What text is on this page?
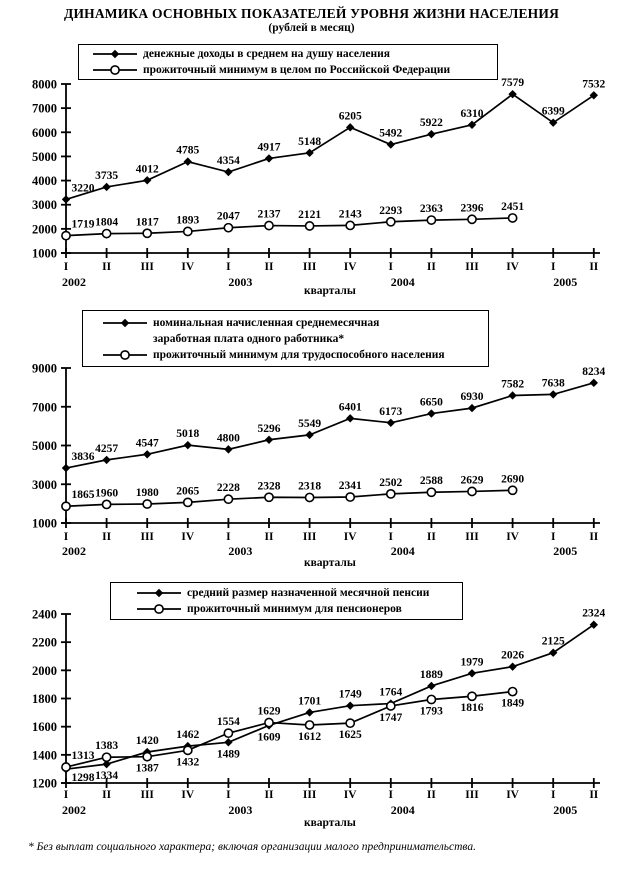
ДИНАМИКА ОСНОВНЫХ ПОКАЗАТЕЛЕЙ УРОВНЯ ЖИЗНИ НАСЕЛЕНИЯ
(рублей в месяц)
1000
2000
3000
4000
5000
6000
7000
8000
I	II	III IV	I	II	III IV	I	II	III IV	I	II
2002	2003	2004	2005
кварталы
3220
3735
4012
4785
4354
4917 5148
6205
5492
5922
6310
7579
6399
7532
1719 1804 1817 1893 2047 2137 2121 2143 2293 2363 2396 2451
1000
3000
5000
7000
9000
I	II	III IV	I	II	III IV	I	II	III IV	I	II
2002	2003	2004	2005
кварталы
3836
4257 4547
5018 4800
5296 5549
6401 6173
6650 6930
7582 7638
8234
1865 1960 1980 2065 2228 2328 2318 2341 2502 2588 2629 2690
1200
1400
1600
1800
2000
2200
2400
I	II	III IV	I	II	III IV	I	II	III IV	I	II
2002	2003	2004	2005
кварталы
1298 1334
1420 1462
1489
1609
1701
1749 1764
1889
1979
2026
2125
2324
1313
1383
1387
1432
1554
1629
1612 1625
1747
1793 1816 1849
денежные доходы в среднем на душу населения
прожиточный минимум в целом по Российской Федерации
номинальная начисленная среднемесячная
заработная плата одного работника*
прожиточный минимум для трудоспособного населения
средний размер назначенной месячной пенсии
прожиточный минимум для пенсионеров
* Без выплат социального характера; включая организации малого предпринимательства.
